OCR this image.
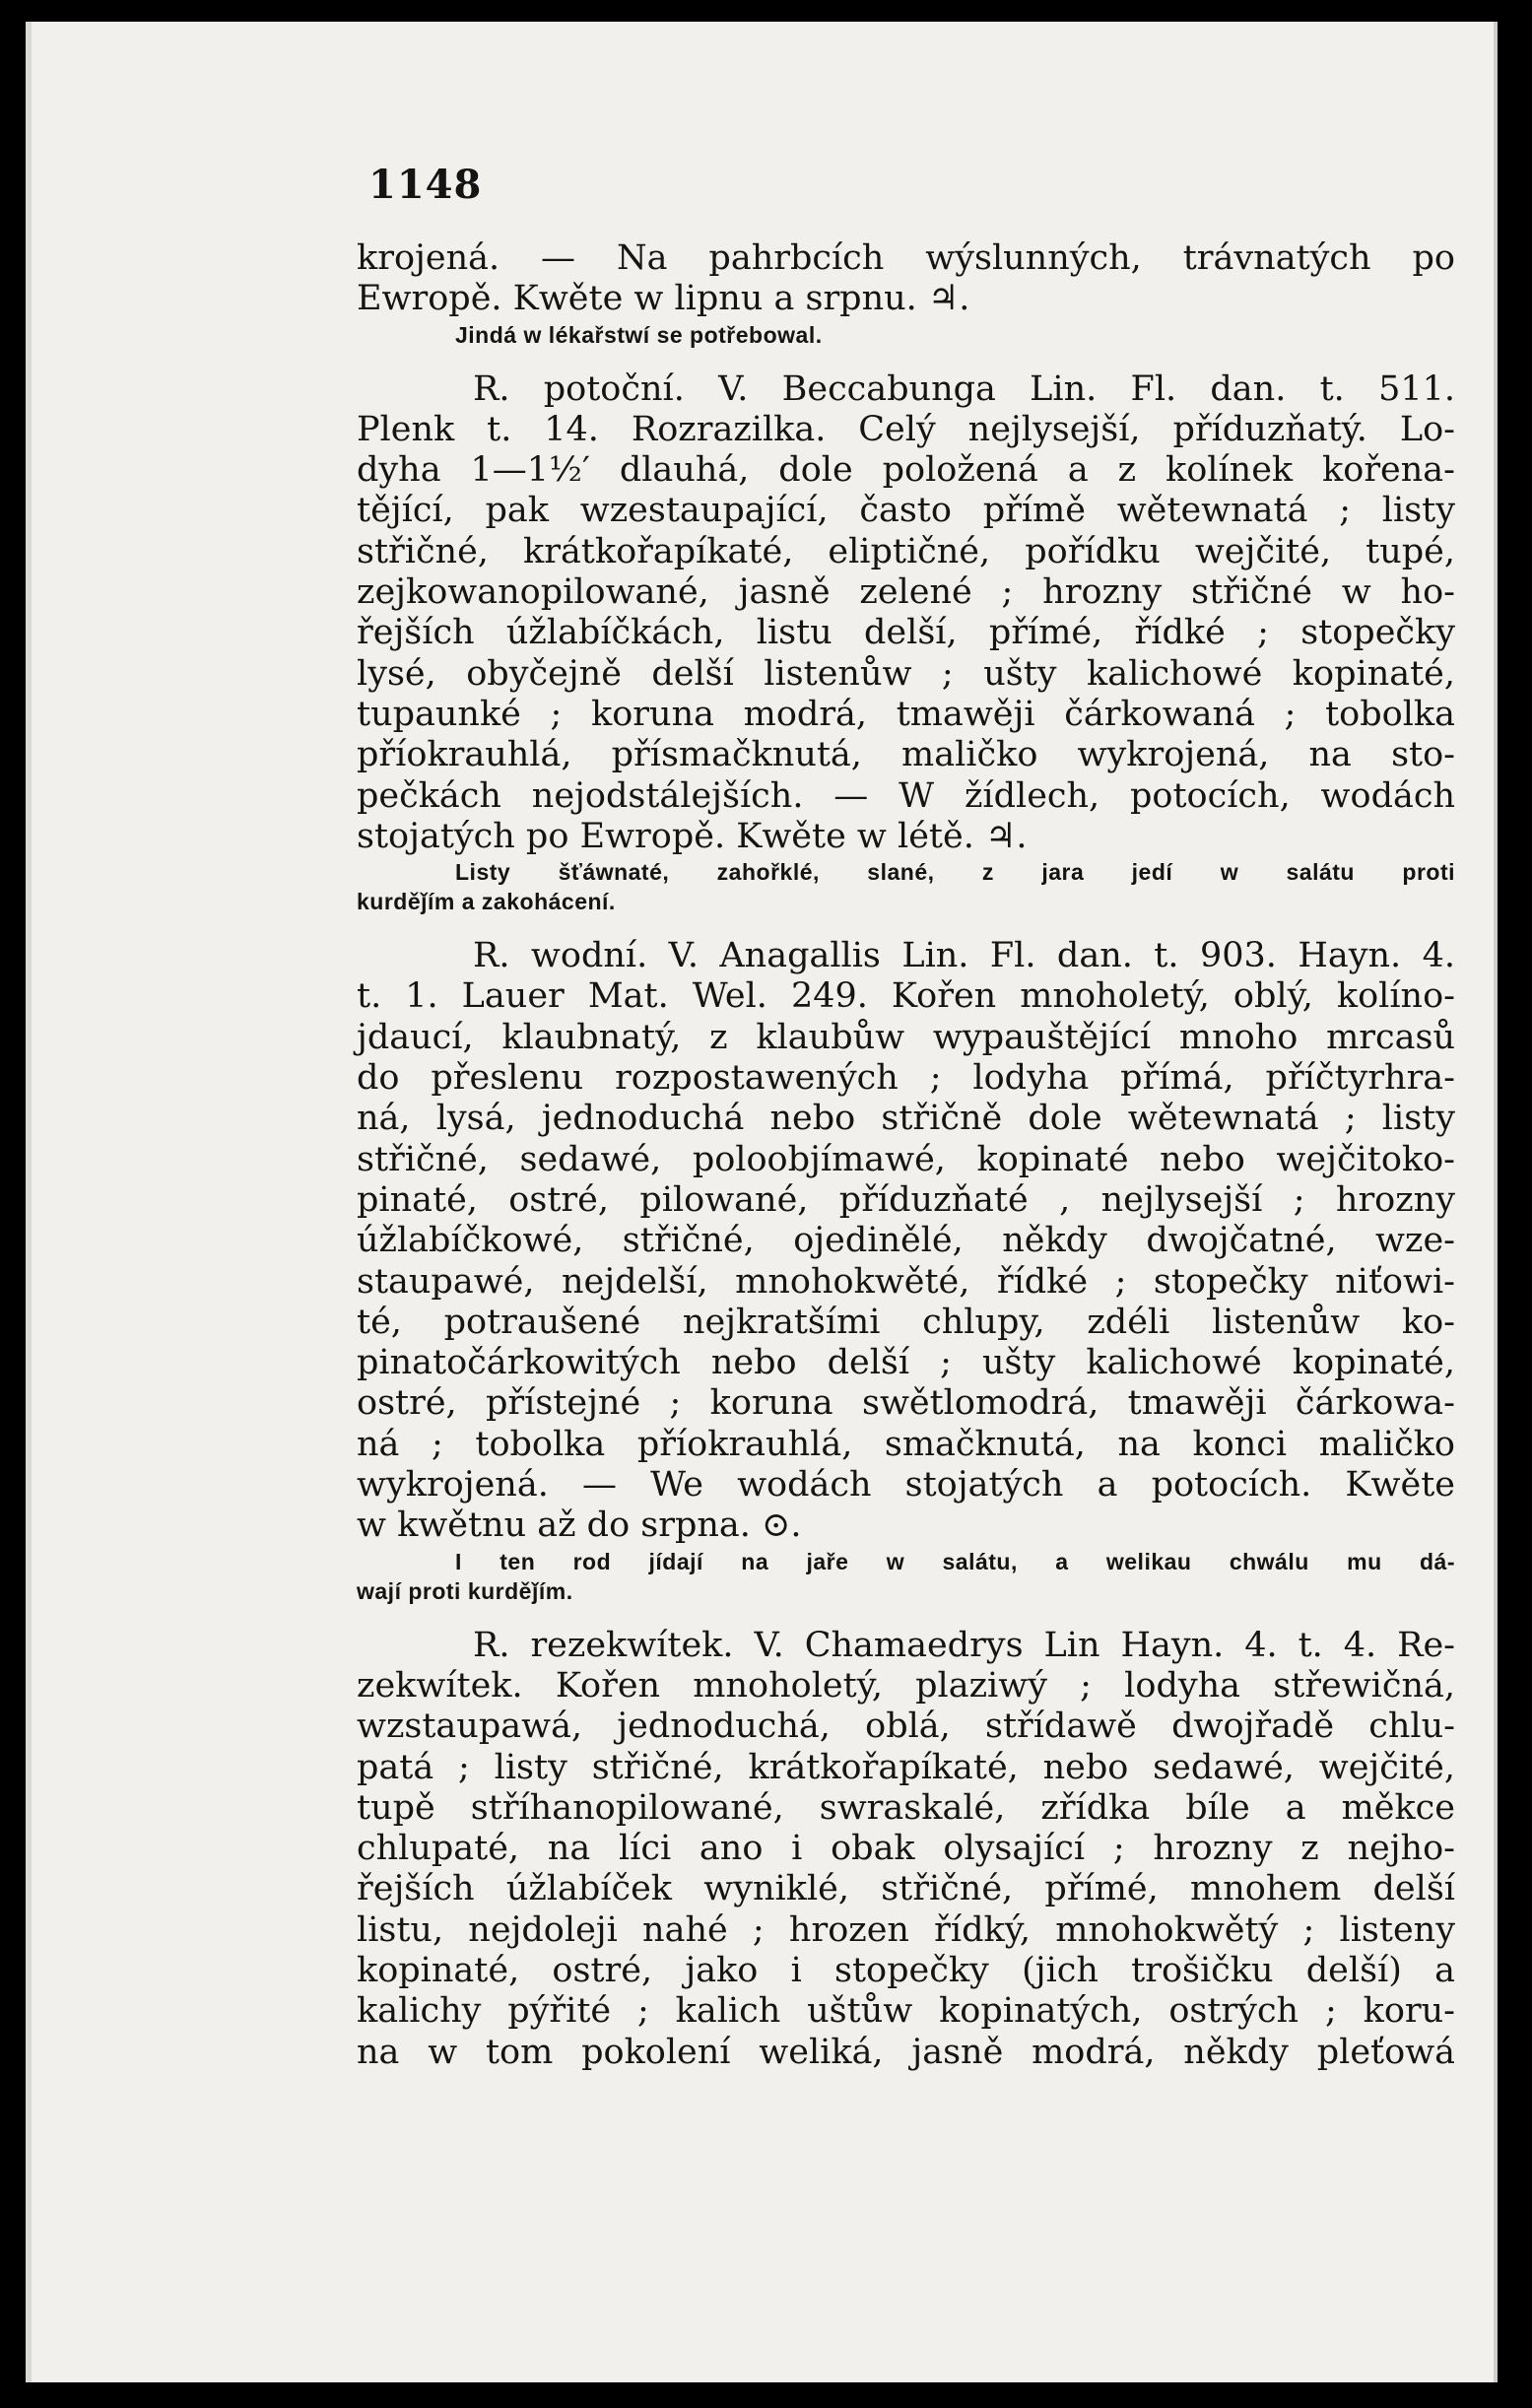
1148
krojená. — Na pahrbcích wýslunných, trávnatých po
Ewropě. Kwěte w lipnu a srpnu. ♃.
Jindá w lékařstwí se potřebowal.
R. potoční. V. Beccabunga Lin. Fl. dan. t. 511.
Plenk t. 14. Rozrazilka. Celý nejlysejší, příduzňatý. Lo-
dyha 1—1½′ dlauhá, dole položená a z kolínek kořena-
tějící, pak wzestaupající, často přímě wětewnatá ; listy
střičné, krátkořapíkaté, eliptičné, pořídku wejčité, tupé,
zejkowanopilowané, jasně zelené ; hrozny střičné w ho-
řejších úžlabíčkách, listu delší, přímé, řídké ; stopečky
lysé, obyčejně delší listenůw ; ušty kalichowé kopinaté,
tupaunké ; koruna modrá, tmawěji čárkowaná ; tobolka
příokrauhlá, přísmačknutá, maličko wykrojená, na sto-
pečkách nejodstálejších. — W žídlech, potocích, wodách
stojatých po Ewropě. Kwěte w létě. ♃.
Listy šťáwnaté, zahořklé, slané, z jara jedí w salátu proti
kurděǰím a zakohácení.
R. wodní. V. Anagallis Lin. Fl. dan. t. 903. Hayn. 4.
t. 1. Lauer Mat. Wel. 249. Kořen mnoholetý, oblý, kolíno-
jdaucí, klaubnatý, z klaubůw wypauštějící mnoho mrcasů
do přeslenu rozpostawených ; lodyha přímá, příčtyrhra-
ná, lysá, jednoduchá nebo střičně dole wětewnatá ; listy
střičné, sedawé, poloobjímawé, kopinaté nebo wejčitoko-
pinaté, ostré, pilowané, příduzňaté , nejlysejší ; hrozny
úžlabíčkowé, střičné, ojedinělé, někdy dwojčatné, wze-
staupawé, nejdelší, mnohokwěté, řídké ; stopečky niťowi-
té, potraušené nejkratšími chlupy, zdéli listenůw ko-
pinatočárkowitých nebo delší ; ušty kalichowé kopinaté,
ostré, přístejné ; koruna swětlomodrá, tmawěji čárkowa-
ná ; tobolka příokrauhlá, smačknutá, na konci maličko
wykrojená. — We wodách stojatých a potocích. Kwěte
w kwětnu až do srpna. ⊙.
I ten rod jídají na jaře w salátu, a welikau chwálu mu dá-
wají proti kurděǰím.
R. rezekwítek. V. Chamaedrys Lin Hayn. 4. t. 4. Re-
zekwítek. Kořen mnoholetý, plaziwý ; lodyha střewičná,
wzstaupawá, jednoduchá, oblá, střídawě dwojřadě chlu-
patá ; listy střičné, krátkořapíkaté, nebo sedawé, wejčité,
tupě stříhanopilowané, swraskalé, zřídka bíle a měkce
chlupaté, na líci ano i obak olysající ; hrozny z nejho-
řejších úžlabíček wyniklé, střičné, přímé, mnohem delší
listu, nejdoleji nahé ; hrozen řídký, mnohokwětý ; listeny
kopinaté, ostré, jako i stopečky (jich trošičku delší) a
kalichy pýřité ; kalich uštůw kopinatých, ostrých ; koru-
na w tom pokolení weliká, jasně modrá, někdy pleťowá
